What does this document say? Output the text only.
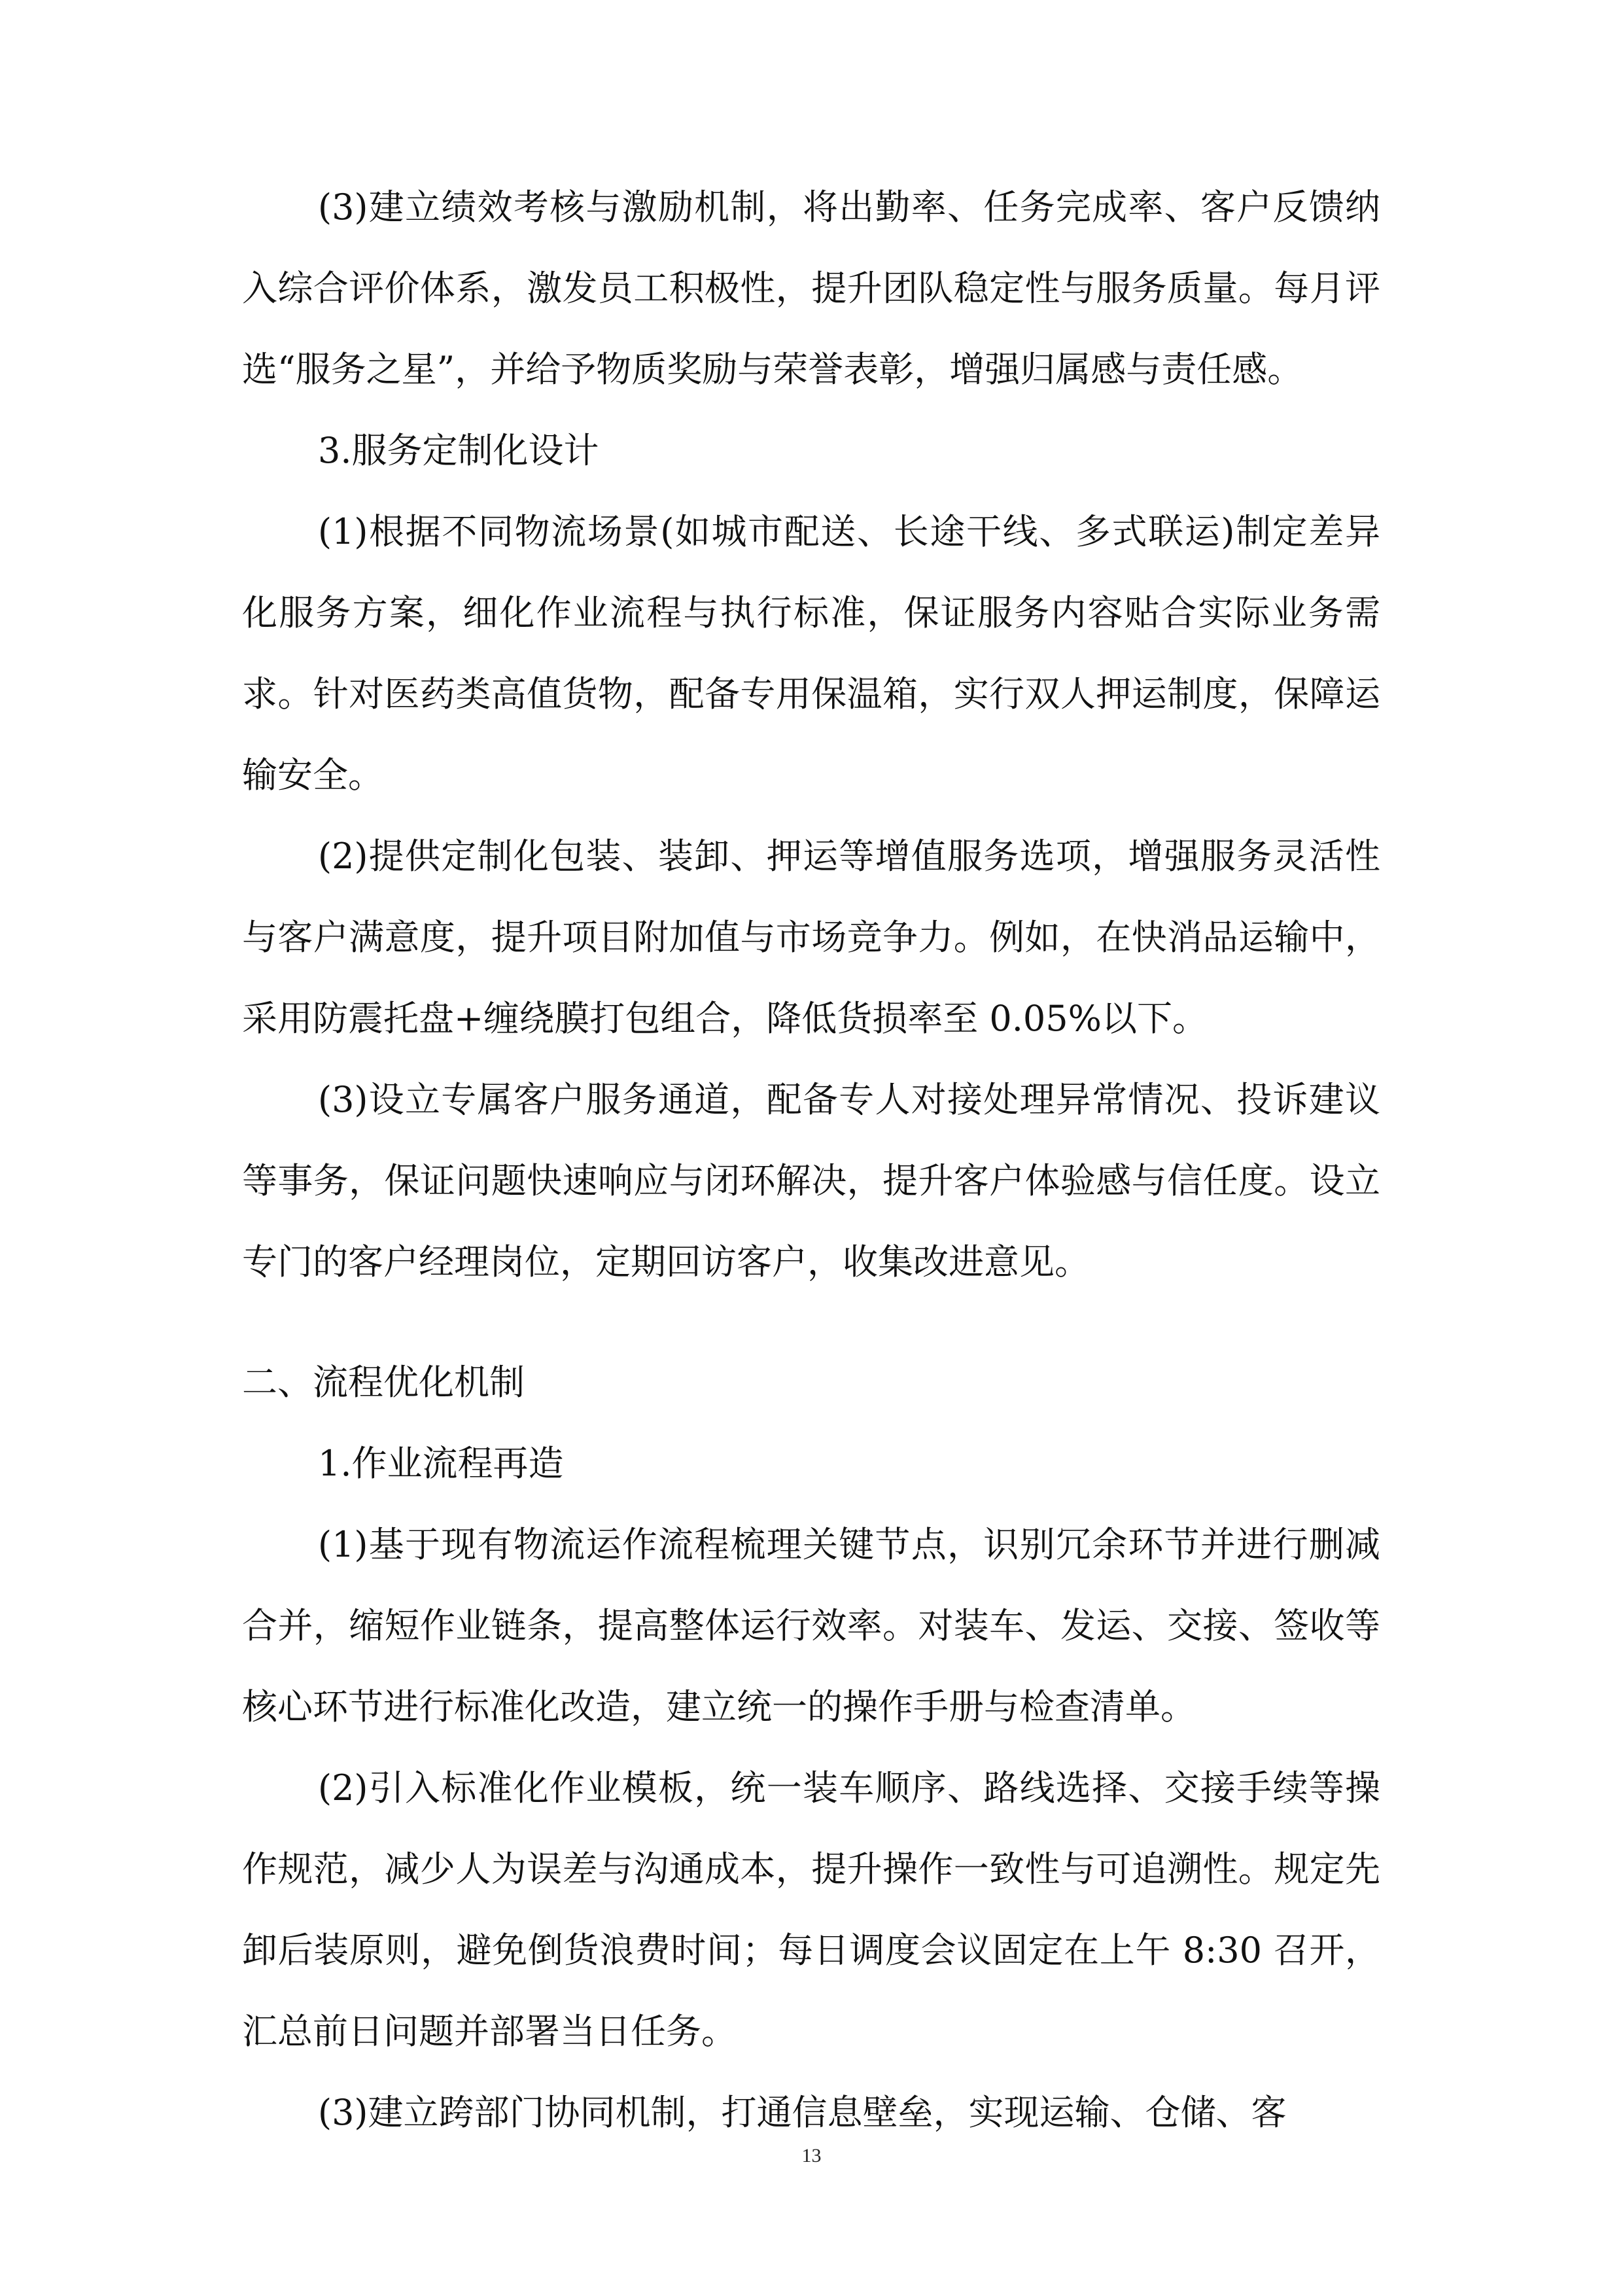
(3)建立绩效考核与激励机制，将出勤率、任务完成率、客户反馈纳入综合评价体系，激发员工积极性，提升团队稳定性与服务质量。每月评选“服务之星”，并给予物质奖励与荣誉表彰，增强归属感与责任感。

3.服务定制化设计

(1)根据不同物流场景(如城市配送、长途干线、多式联运)制定差异化服务方案，细化作业流程与执行标准，保证服务内容贴合实际业务需求。针对医药类高值货物，配备专用保温箱，实行双人押运制度，保障运输安全。

(2)提供定制化包装、装卸、押运等增值服务选项，增强服务灵活性与客户满意度，提升项目附加值与市场竞争力。例如，在快消品运输中，采用防震托盘+缠绕膜打包组合，降低货损率至 0.05%以下。

(3)设立专属客户服务通道，配备专人对接处理异常情况、投诉建议等事务，保证问题快速响应与闭环解决，提升客户体验感与信任度。设立专门的客户经理岗位，定期回访客户，收集改进意见。

二、流程优化机制

1.作业流程再造

(1)基于现有物流运作流程梳理关键节点，识别冗余环节并进行删减合并，缩短作业链条，提高整体运行效率。对装车、发运、交接、签收等核心环节进行标准化改造，建立统一的操作手册与检查清单。

(2)引入标准化作业模板，统一装车顺序、路线选择、交接手续等操作规范，减少人为误差与沟通成本，提升操作一致性与可追溯性。规定先卸后装原则，避免倒货浪费时间；每日调度会议固定在上午 8:30 召开，汇总前日问题并部署当日任务。

(3)建立跨部门协同机制，打通信息壁垒，实现运输、仓储、客

13
